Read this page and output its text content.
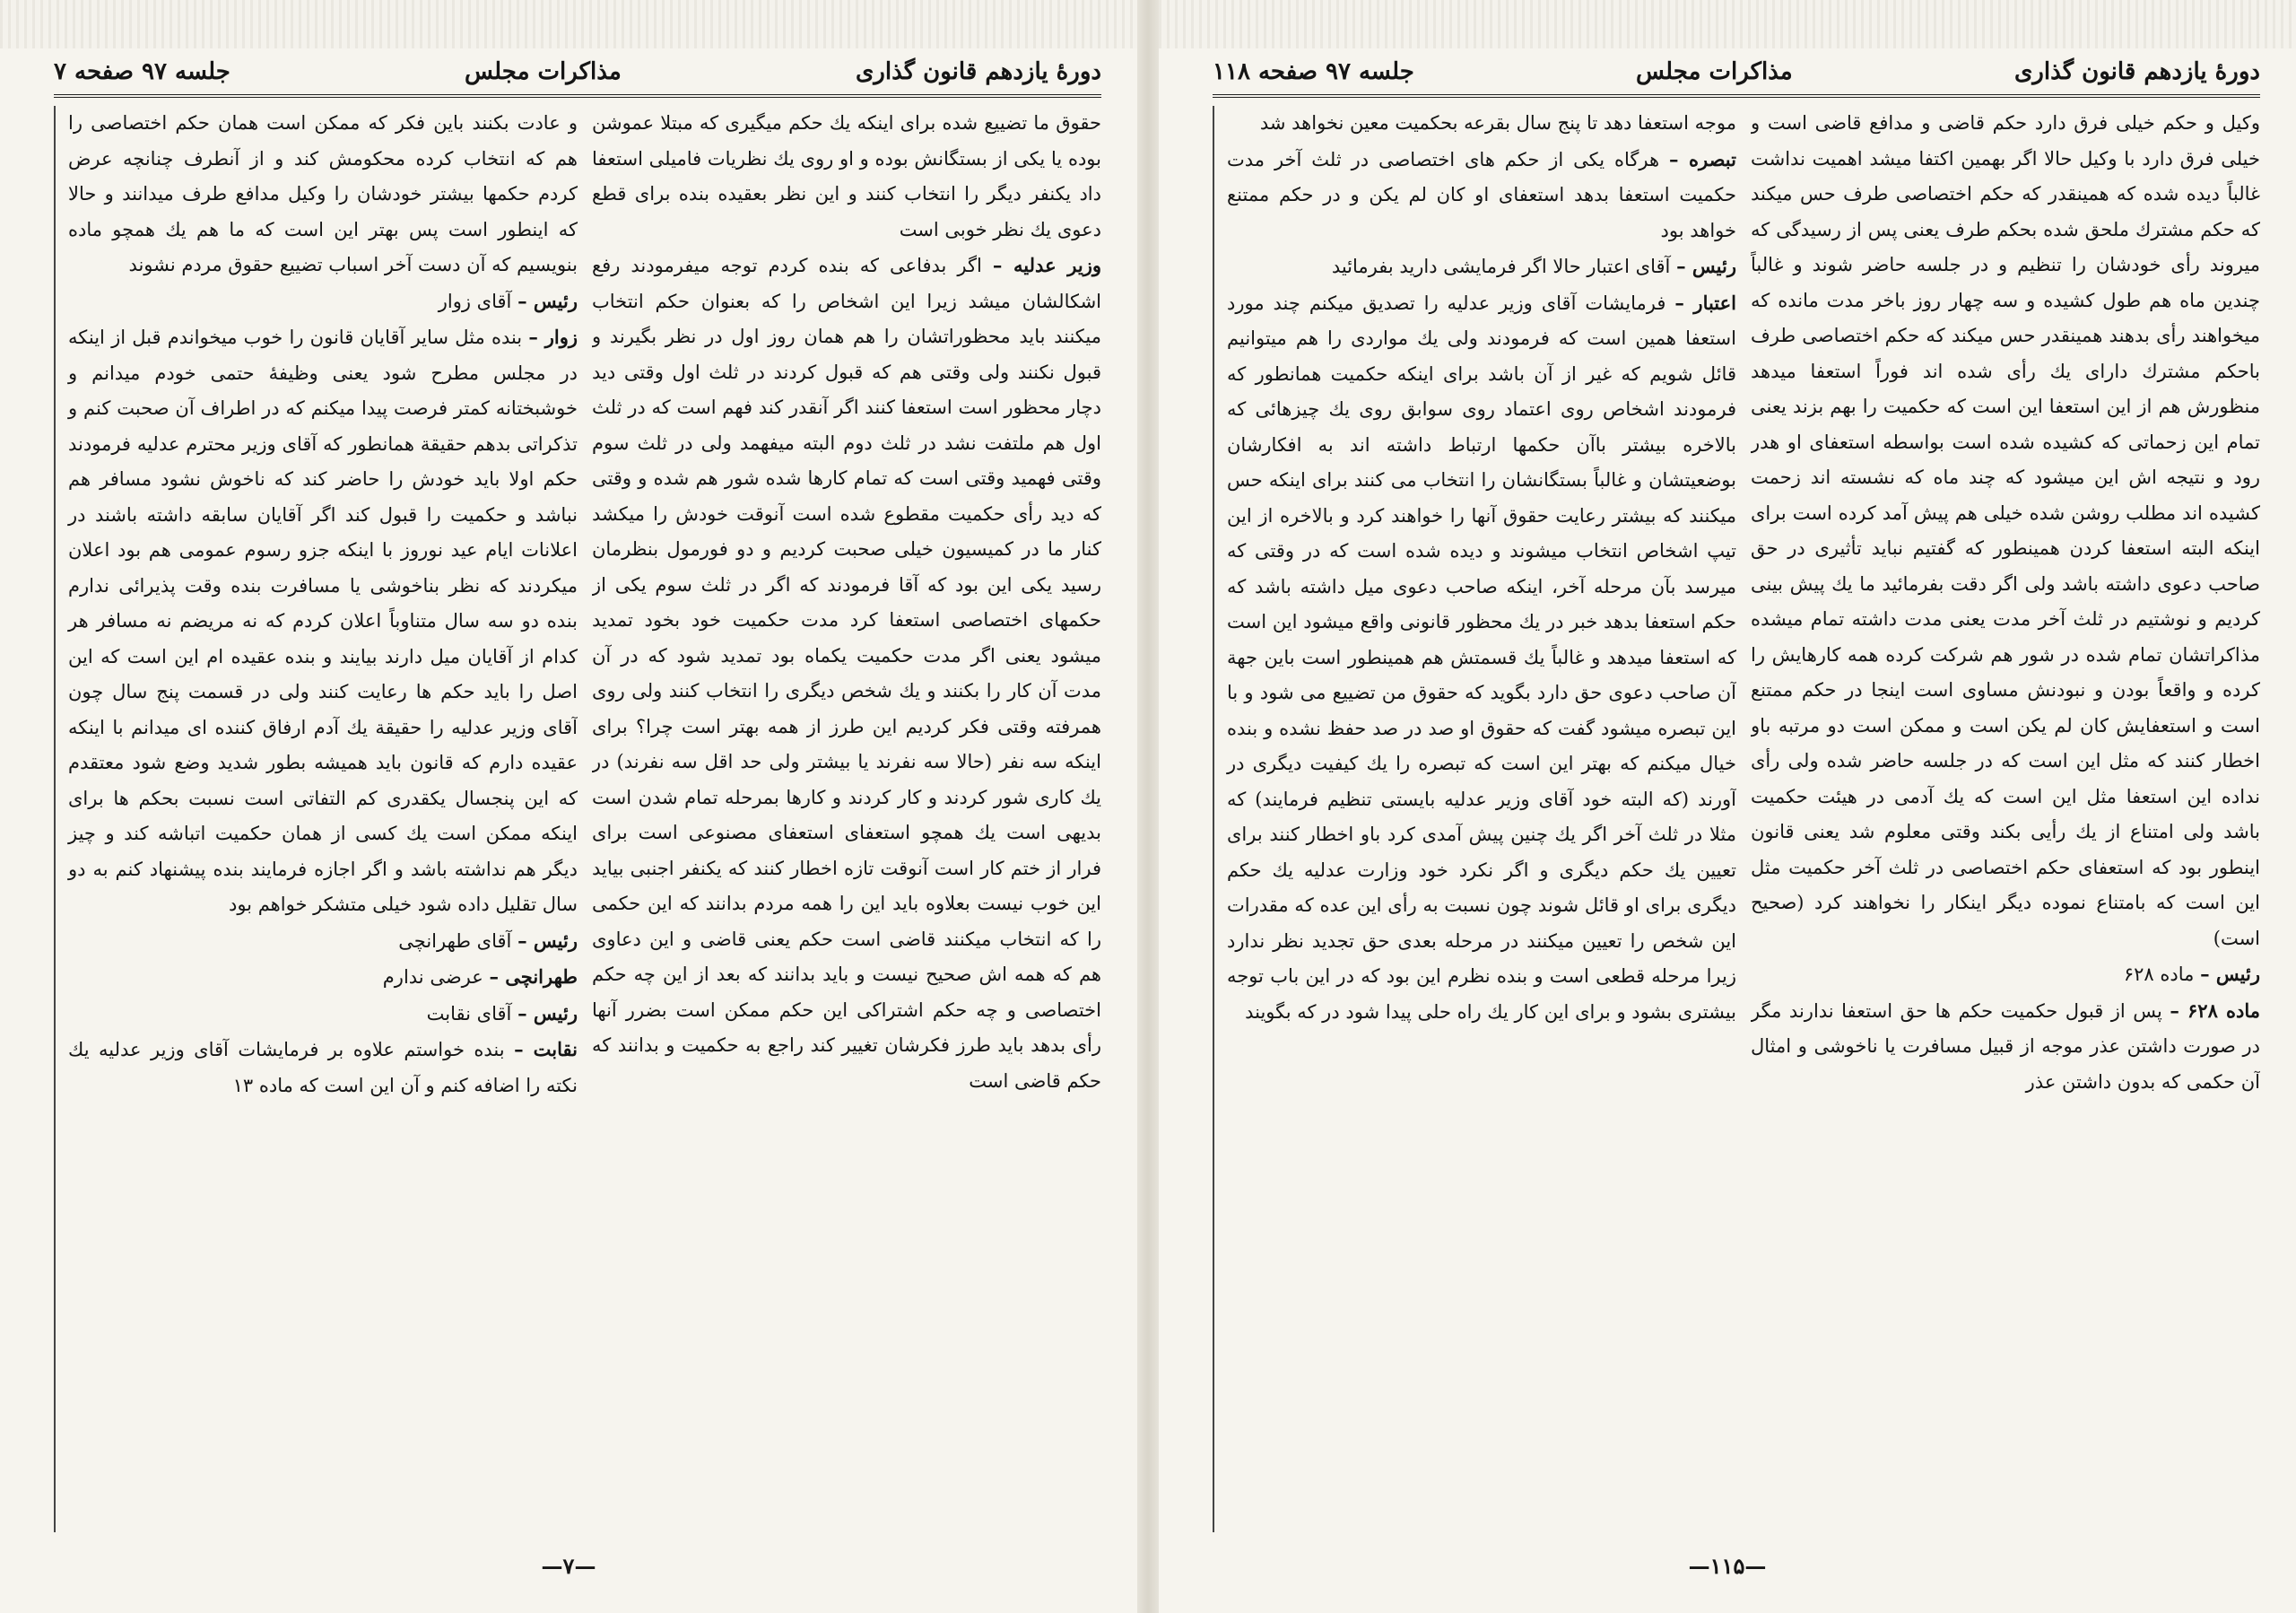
دورهٔ یازدهم قانون گذاری
مذاکرات مجلس
جلسه ۹۷ صفحه ۷

حقوق ما تضییع شده برای اینکه یك حکم میگیری که مبتلا عموشن بوده یا یکی از بستگانش بوده و او روی یك نظریات فامیلی استعفا داد یکنفر دیگر را انتخاب کنند و این نظر بعقیده بنده برای قطع دعوی یك نظر خوبی است

وزیر عدلیه – اگر بدفاعی که بنده کردم توجه میفرمودند رفع اشکالشان میشد زیرا این اشخاص را که بعنوان حکم انتخاب میکنند باید محظوراتشان را هم همان روز اول در نظر بگیرند و قبول نکنند ولی وقتی هم که قبول کردند در ثلث اول وقتی دید دچار محظور است استعفا کنند اگر آنقدر کند فهم است که در ثلث اول هم ملتفت نشد در ثلث دوم البته میفهمد ولی در ثلث سوم وقتی فهمید وقتی است که تمام کارها شده شور هم شده و وقتی که دید رأی حکمیت مقطوع شده است آنوقت خودش را میکشد کنار ما در کمیسیون خیلی صحبت کردیم و دو فورمول بنظرمان رسید یکی این بود که آقا فرمودند که اگر در ثلث سوم یکی از حکمهای اختصاصی استعفا کرد مدت حکمیت خود بخود تمدید میشود یعنی اگر مدت حکمیت یکماه بود تمدید شود که در آن مدت آن کار را بکنند و یك شخص دیگری را انتخاب کنند ولی روی همرفته وقتی فکر کردیم این طرز از همه بهتر است چرا؟ برای اینکه سه نفر (حالا سه نفرند یا بیشتر ولی حد اقل سه نفرند) در یك کاری شور کردند و کار کردند و کارها بمرحله تمام شدن است بدیهی است یك همچو استعفای استعفای مصنوعی است برای فرار از ختم کار است آنوقت تازه اخطار کنند که یکنفر اجنبی بیاید این خوب نیست بعلاوه باید این را همه مردم بدانند که این حکمی را که انتخاب میکنند قاضی است حکم یعنی قاضی و این دعاوی هم که همه اش صحیح نیست و باید بدانند که بعد از این چه حکم اختصاصی و چه حکم اشتراکی این حکم ممکن است بضرر آنها رأی بدهد باید طرز فکرشان تغییر کند راجع به حکمیت و بدانند که حکم قاضی است

و عادت بکنند باین فکر که ممکن است همان حکم اختصاصی را هم که انتخاب کرده محکومش کند و از آنطرف چنانچه عرض کردم حکمها بیشتر خودشان را وکیل مدافع طرف میدانند و حالا که اینطور است پس بهتر این است که ما هم یك همچو ماده بنویسیم که آن دست آخر اسباب تضییع حقوق مردم نشوند

رئیس – آقای زوار

زوار – بنده مثل سایر آقایان قانون را خوب میخواندم قبل از اینکه در مجلس مطرح شود یعنی وظیفهٔ حتمی خودم میدانم و خوشبختانه کمتر فرصت پیدا میکنم که در اطراف آن صحبت کنم و تذکراتی بدهم حقیقة همانطور که آقای وزیر محترم عدلیه فرمودند حکم اولا باید خودش را حاضر کند که ناخوش نشود مسافر هم نباشد و حکمیت را قبول کند اگر آقایان سابقه داشته باشند در اعلانات ایام عید نوروز با اینکه جزو رسوم عمومی هم بود اعلان میکردند که نظر بناخوشی یا مسافرت بنده وقت پذیرائی ندارم بنده دو سه سال متناوباً اعلان کردم که نه مریضم نه مسافر هر کدام از آقایان میل دارند بیایند و بنده عقیده ام این است که این اصل را باید حکم ها رعایت کنند ولی در قسمت پنج سال چون آقای وزیر عدلیه را حقیقة یك آدم ارفاق کننده ای میدانم با اینکه عقیده دارم که قانون باید همیشه بطور شدید وضع شود معتقدم که این پنجسال یکقدری کم التفاتی است نسبت بحکم ها برای اینکه ممکن است یك کسی از همان حکمیت اتباشه کند و چیز دیگر هم نداشته باشد و اگر اجازه فرمایند بنده پیشنهاد کنم به دو سال تقلیل داده شود خیلی متشکر خواهم بود

رئیس – آقای طهرانچی

طهرانچی – عرضی ندارم

رئیس – آقای نقابت

نقابت – بنده خواستم علاوه بر فرمایشات آقای وزیر عدلیه یك نکته را اضافه کنم و آن این است که ماده ۱۳

—۷—
دورهٔ یازدهم قانون گذاری
مذاکرات مجلس
جلسه ۹۷ صفحه ۱۱۸

وکیل و حکم خیلی فرق دارد حکم قاضی و مدافع قاضی است و خیلی فرق دارد با وکیل حالا اگر بهمین اکتفا میشد اهمیت نداشت غالباً دیده شده که همینقدر که حکم اختصاصی طرف حس میکند که حکم مشترك ملحق شده بحکم طرف یعنی پس از رسیدگی که میروند رأی خودشان را تنظیم و در جلسه حاضر شوند و غالباً چندین ماه هم طول کشیده و سه چهار روز باخر مدت مانده که میخواهند رأی بدهند همینقدر حس میکند که حکم اختصاصی طرف باحکم مشترك دارای یك رأی شده اند فوراً استعفا میدهد منظورش هم از این استعفا این است که حکمیت را بهم بزند یعنی تمام این زحماتی که کشیده شده است بواسطه استعفای او هدر رود و نتیجه اش این میشود که چند ماه که نشسته اند زحمت کشیده اند مطلب روشن شده خیلی هم پیش آمد کرده است برای اینکه البته استعفا کردن همینطور که گفتیم نباید تأثیری در حق صاحب دعوی داشته باشد ولی اگر دقت بفرمائید ما یك پیش بینی کردیم و نوشتیم در ثلث آخر مدت یعنی مدت داشته تمام میشده مذاکراتشان تمام شده در شور هم شرکت کرده همه کارهایش را کرده و واقعاً بودن و نبودنش مساوی است اینجا در حکم ممتنع است و استعفایش کان لم یکن است و ممکن است دو مرتبه باو اخطار کنند که مثل این است که در جلسه حاضر شده ولی رأی نداده این استعفا مثل این است که یك آدمی در هیئت حکمیت باشد ولی امتناع از یك رأیی بکند وقتی معلوم شد یعنی قانون اینطور بود که استعفای حکم اختصاصی در ثلث آخر حکمیت مثل این است که بامتناع نموده دیگر اینکار را نخواهند کرد (صحیح است)

رئیس – ماده ۶۲۸

ماده ۶۲۸ – پس از قبول حکمیت حکم ها حق استعفا ندارند مگر در صورت داشتن عذر موجه از قبیل مسافرت یا ناخوشی و امثال آن حکمی که بدون داشتن عذر

موجه استعفا دهد تا پنج سال بقرعه بحکمیت معین نخواهد شد

تبصره – هرگاه یکی از حکم های اختصاصی در ثلث آخر مدت حکمیت استعفا بدهد استعفای او کان لم یکن و در حکم ممتنع خواهد بود

رئیس – آقای اعتبار حالا اگر فرمایشی دارید بفرمائید

اعتبار – فرمایشات آقای وزیر عدلیه را تصدیق میکنم چند مورد استعفا همین است که فرمودند ولی یك مواردی را هم میتوانیم قائل شویم که غیر از آن باشد برای اینکه حکمیت همانطور که فرمودند اشخاص روی اعتماد روی سوابق روی یك چیزهائی که بالاخره بیشتر باآن حکمها ارتباط داشته اند به افکارشان بوضعیتشان و غالباً بستگانشان را انتخاب می کنند برای اینکه حس میکنند که بیشتر رعایت حقوق آنها را خواهند کرد و بالاخره از این تیپ اشخاص انتخاب میشوند و دیده شده است که در وقتی که میرسد بآن مرحله آخر، اینکه صاحب دعوی میل داشته باشد که حکم استعفا بدهد خبر در یك محظور قانونی واقع میشود این است که استعفا میدهد و غالباً یك قسمتش هم همینطور است باین جهة آن صاحب دعوی حق دارد بگوید که حقوق من تضییع می شود و با این تبصره میشود گفت که حقوق او صد در صد حفظ نشده و بنده خیال میکنم که بهتر این است که تبصره را یك کیفیت دیگری در آورند (که البته خود آقای وزیر عدلیه بایستی تنظیم فرمایند) که مثلا در ثلث آخر اگر یك چنین پیش آمدی کرد باو اخطار کنند برای تعیین یك حکم دیگری و اگر نکرد خود وزارت عدلیه یك حکم دیگری برای او قائل شوند چون نسبت به رأی این عده که مقدرات این شخص را تعیین میکنند در مرحله بعدی حق تجدید نظر ندارد زیرا مرحله قطعی است و بنده نظرم این بود که در این باب توجه بیشتری بشود و برای این کار یك راه حلی پیدا شود در که بگویند

—۱۱۵—
